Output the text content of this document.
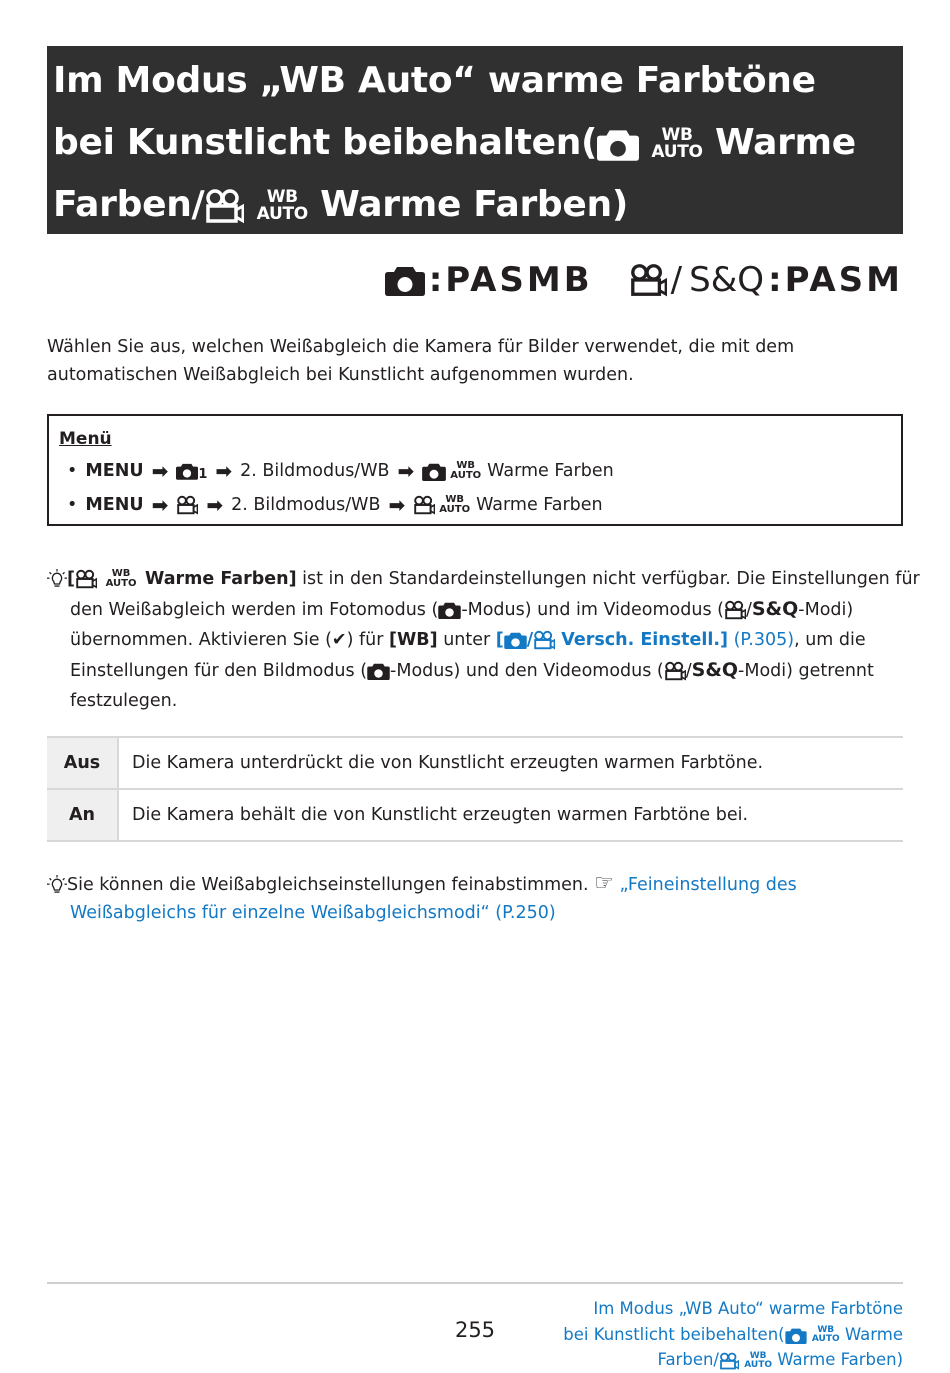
Im Modus „WB Auto“ warme Farbtöne
bei Kunstlicht beibehalten(	WB
AUTO Warme
Farben/	WB
AUTO Warme Farben)
:PASMB / S&Q :PASM
Wählen Sie aus, welchen Weißabgleich die Kamera für Bilder verwendet, die mit dem automatischen Weißabgleich bei Kunstlicht aufgenommen wurden.
Menü
• MENU ➡ 1 ➡ 2. Bildmodus/WB ➡	WB
AUTO Warme Farben
• MENU ➡ ➡ 2. Bildmodus/WB ➡	WB
AUTO Warme Farben
[	WB
AUTO Warme Farben] ist in den Standardeinstellungen nicht verfügbar. Die Einstellungen für
den Weißabgleich werden im Fotomodus ( -Modus) und im Videomodus ( /S&Q-Modi)
übernommen. Aktivieren Sie (✔) für [WB] unter [ / Versch. Einstell.] (P.305), um die
Einstellungen für den Bildmodus ( -Modus) und den Videomodus ( /S&Q-Modi) getrennt
festzulegen.
Aus	Die Kamera unterdrückt die von Kunstlicht erzeugten warmen Farbtöne.
An	Die Kamera behält die von Kunstlicht erzeugten warmen Farbtöne bei.
Sie können die Weißabgleichseinstellungen feinabstimmen. ☞ „Feineinstellung des
Weißabgleichs für einzelne Weißabgleichsmodi“ (P.250)
255
Im Modus „WB Auto“ warme Farbtöne
bei Kunstlicht beibehalten(	WB
AUTO Warme
Farben/	WB
AUTO Warme Farben)
